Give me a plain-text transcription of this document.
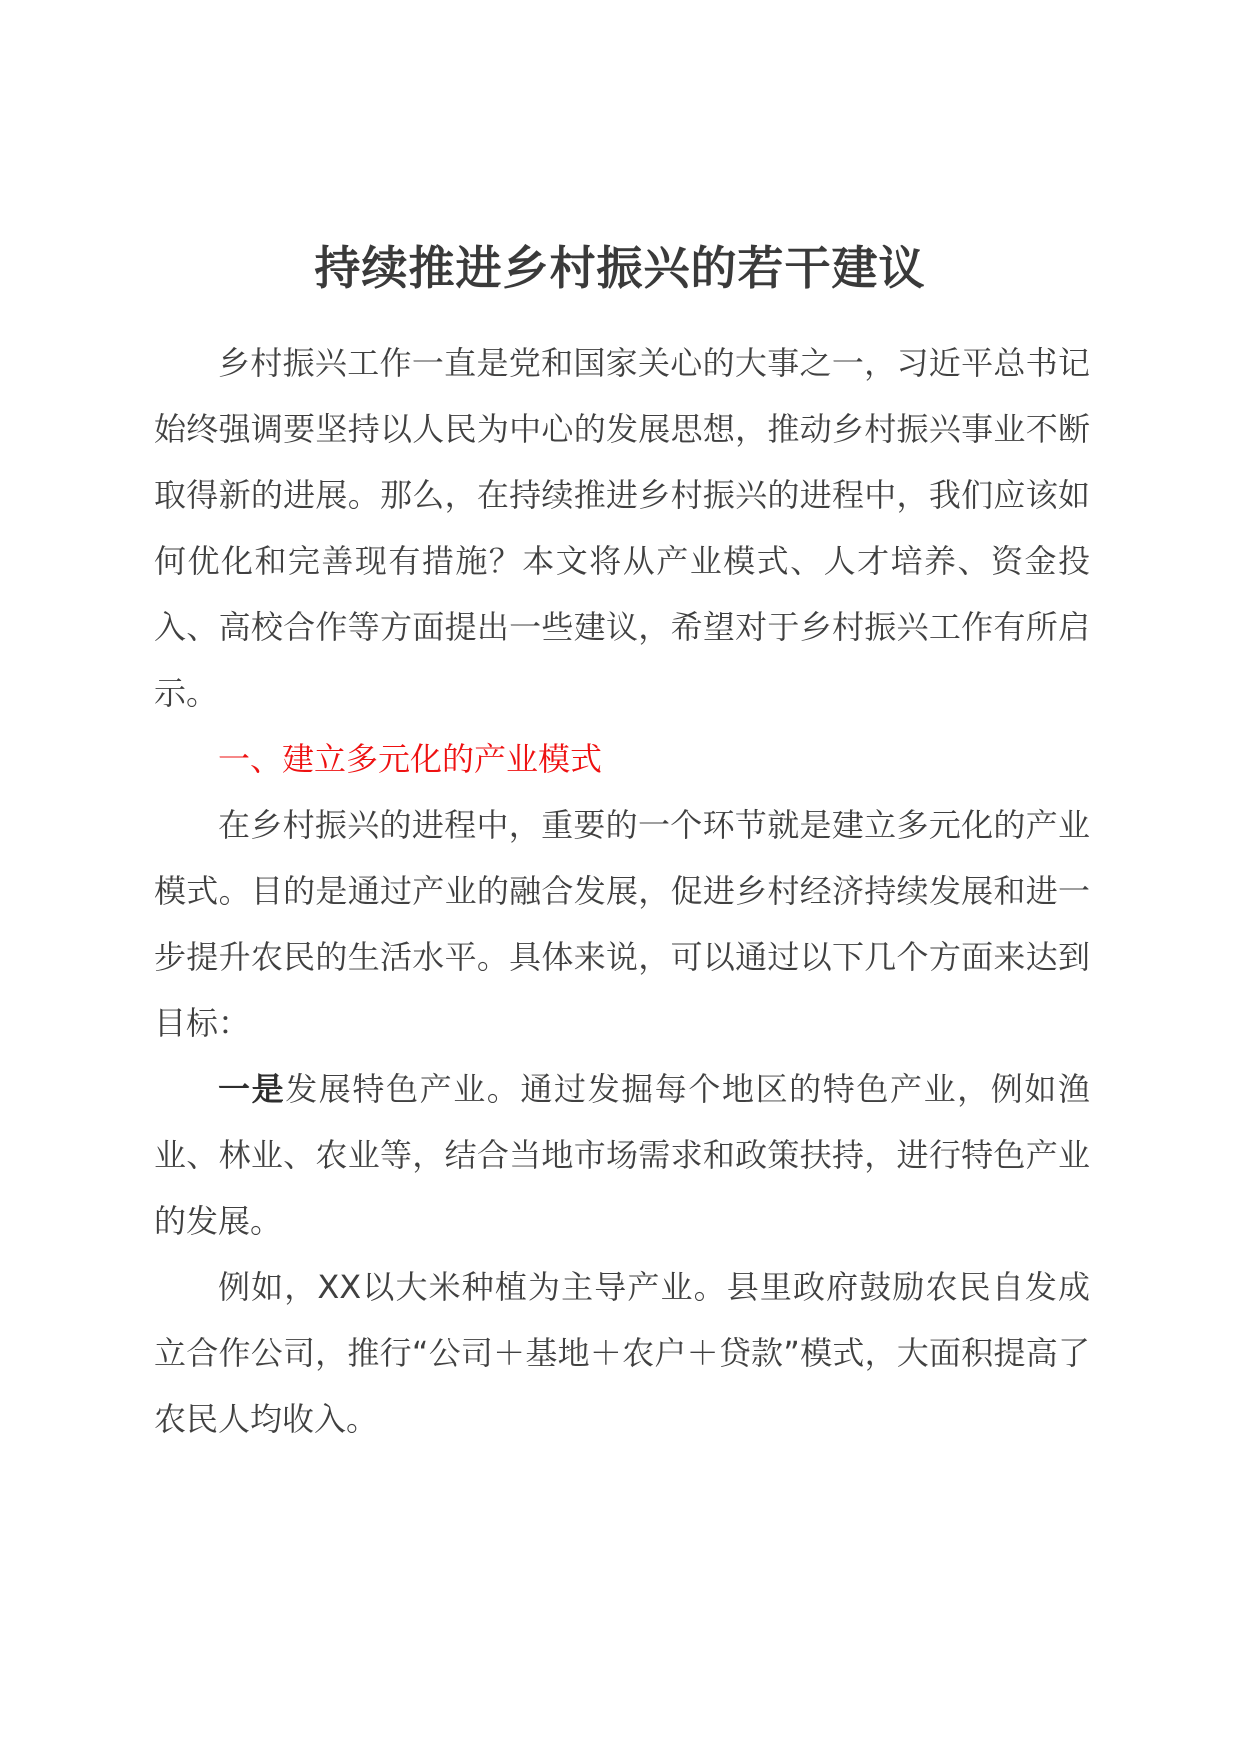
持续推进乡村振兴的若干建议

乡村振兴工作一直是党和国家关心的大事之一，习近平总书记始终强调要坚持以人民为中心的发展思想，推动乡村振兴事业不断取得新的进展。那么，在持续推进乡村振兴的进程中，我们应该如何优化和完善现有措施？本文将从产业模式、人才培养、资金投入、高校合作等方面提出一些建议，希望对于乡村振兴工作有所启示。

一、建立多元化的产业模式

在乡村振兴的进程中，重要的一个环节就是建立多元化的产业模式。目的是通过产业的融合发展，促进乡村经济持续发展和进一步提升农民的生活水平。具体来说，可以通过以下几个方面来达到目标：

一是发展特色产业。通过发掘每个地区的特色产业，例如渔业、林业、农业等，结合当地市场需求和政策扶持，进行特色产业的发展。

例如，XX以大米种植为主导产业。县里政府鼓励农民自发成立合作公司，推行“公司＋基地＋农户＋贷款”模式，大面积提高了农民人均收入。
